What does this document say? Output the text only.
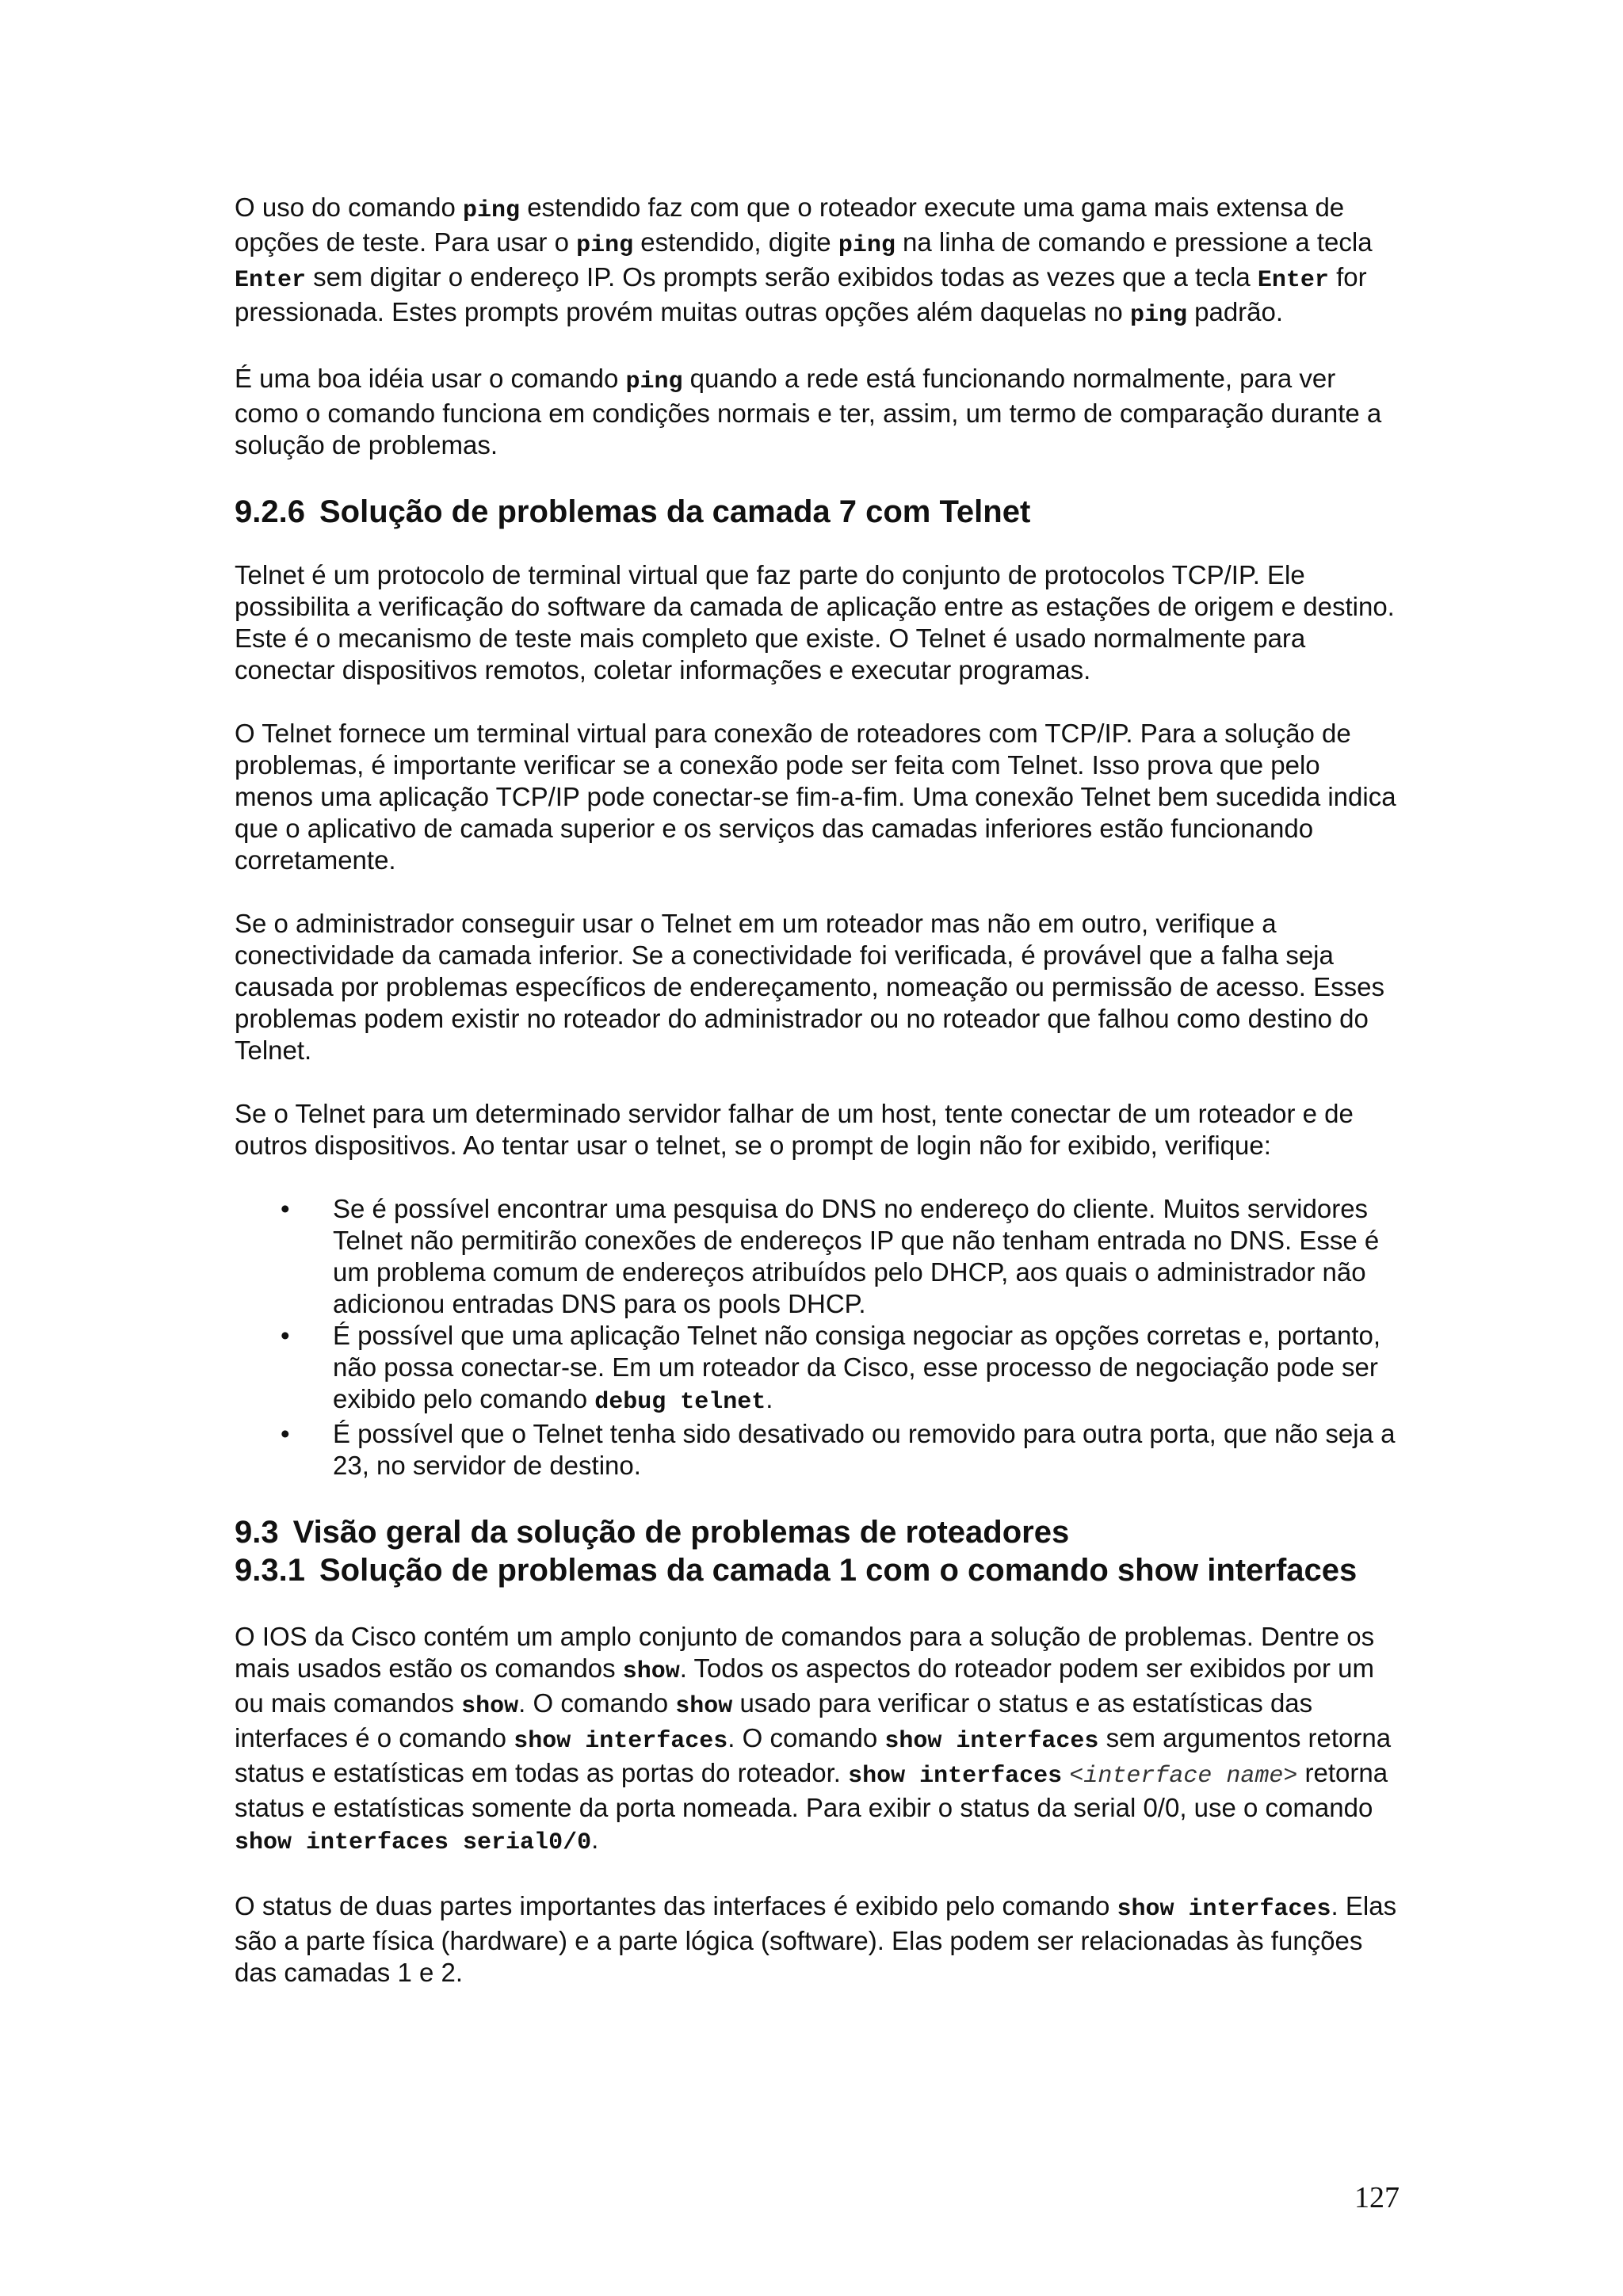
O uso do comando ping estendido faz com que o roteador execute uma gama mais extensa de opções de teste. Para usar o ping estendido, digite ping na linha de comando e pressione a tecla Enter sem digitar o endereço IP. Os prompts serão exibidos todas as vezes que a tecla Enter for pressionada. Estes prompts provém muitas outras opções além daquelas no ping padrão.

É uma boa idéia usar o comando ping quando a rede está funcionando normalmente, para ver como o comando funciona em condições normais e ter, assim, um termo de comparação durante a solução de problemas.

9.2.6 Solução de problemas da camada 7 com Telnet

Telnet é um protocolo de terminal virtual que faz parte do conjunto de protocolos TCP/IP. Ele possibilita a verificação do software da camada de aplicação entre as estações de origem e destino. Este é o mecanismo de teste mais completo que existe. O Telnet é usado normalmente para conectar dispositivos remotos, coletar informações e executar programas.

O Telnet fornece um terminal virtual para conexão de roteadores com TCP/IP. Para a solução de problemas, é importante verificar se a conexão pode ser feita com Telnet. Isso prova que pelo menos uma aplicação TCP/IP pode conectar-se fim-a-fim. Uma conexão Telnet bem sucedida indica que o aplicativo de camada superior e os serviços das camadas inferiores estão funcionando corretamente.

Se o administrador conseguir usar o Telnet em um roteador mas não em outro, verifique a conectividade da camada inferior. Se a conectividade foi verificada, é provável que a falha seja causada por problemas específicos de endereçamento, nomeação ou permissão de acesso. Esses problemas podem existir no roteador do administrador ou no roteador que falhou como destino do Telnet.

Se o Telnet para um determinado servidor falhar de um host, tente conectar de um roteador e de outros dispositivos. Ao tentar usar o telnet, se o prompt de login não for exibido, verifique:

• Se é possível encontrar uma pesquisa do DNS no endereço do cliente. Muitos servidores Telnet não permitirão conexões de endereços IP que não tenham entrada no DNS. Esse é um problema comum de endereços atribuídos pelo DHCP, aos quais o administrador não adicionou entradas DNS para os pools DHCP.
• É possível que uma aplicação Telnet não consiga negociar as opções corretas e, portanto, não possa conectar-se. Em um roteador da Cisco, esse processo de negociação pode ser exibido pelo comando debug telnet.
• É possível que o Telnet tenha sido desativado ou removido para outra porta, que não seja a 23, no servidor de destino.
9.3 Visão geral da solução de problemas de roteadores
9.3.1 Solução de problemas da camada 1 com o comando show interfaces

O IOS da Cisco contém um amplo conjunto de comandos para a solução de problemas. Dentre os mais usados estão os comandos show. Todos os aspectos do roteador podem ser exibidos por um ou mais comandos show. O comando show usado para verificar o status e as estatísticas das interfaces é o comando show interfaces. O comando show interfaces sem argumentos retorna status e estatísticas em todas as portas do roteador. show interfaces <interface name> retorna status e estatísticas somente da porta nomeada. Para exibir o status da serial 0/0, use o comando show interfaces serial0/0.

O status de duas partes importantes das interfaces é exibido pelo comando show interfaces. Elas são a parte física (hardware) e a parte lógica (software). Elas podem ser relacionadas às funções das camadas 1 e 2.

127
